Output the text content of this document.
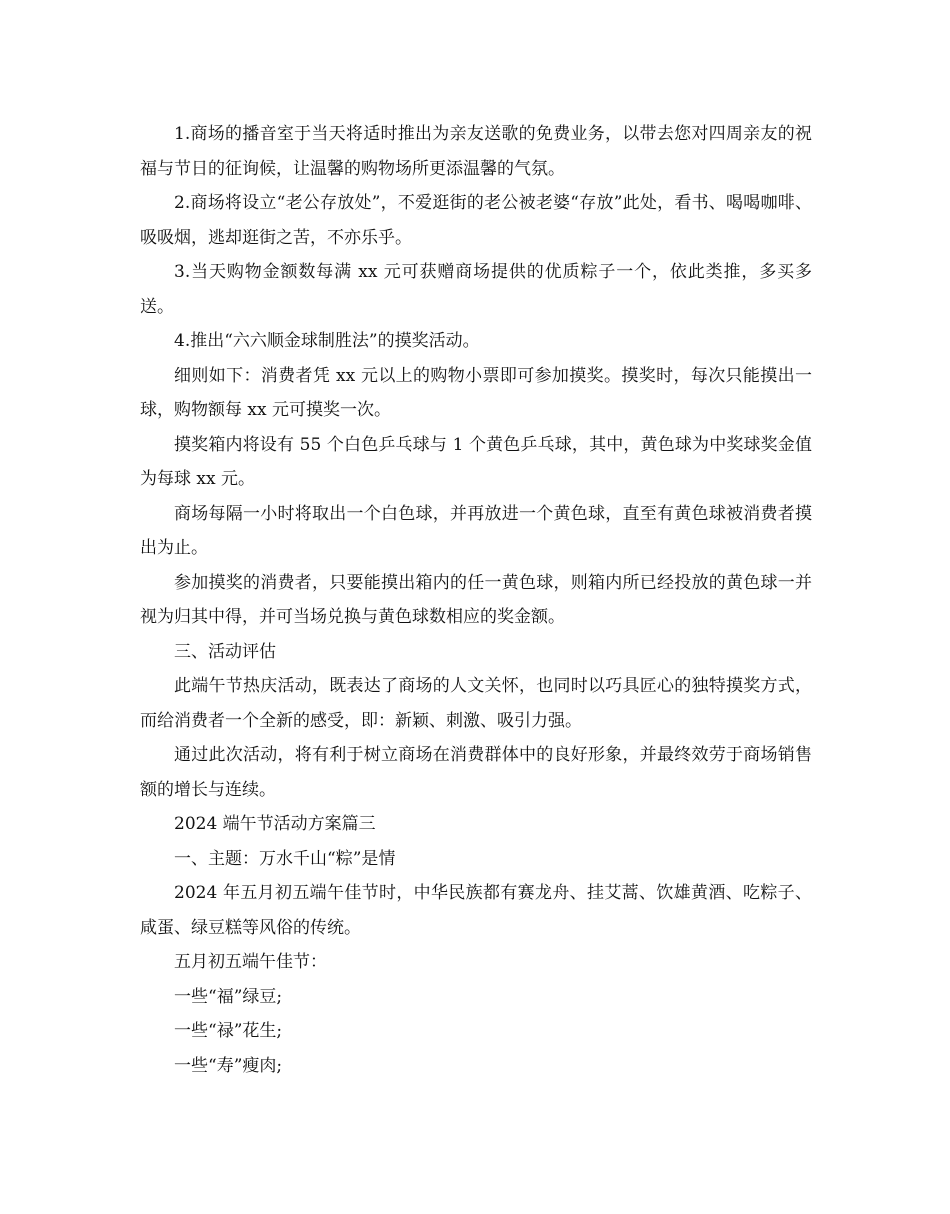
1.商场的播音室于当天将适时推出为亲友送歌的免费业务，以带去您对四周亲友的祝福与节日的征询候，让温馨的购物场所更添温馨的气氛。

2.商场将设立“老公存放处”，不爱逛街的老公被老婆“存放”此处，看书、喝喝咖啡、吸吸烟，逃却逛街之苦，不亦乐乎。

3.当天购物金额数每满 xx 元可获赠商场提供的优质粽子一个，依此类推，多买多送。

4.推出“六六顺金球制胜法”的摸奖活动。

细则如下：消费者凭 xx 元以上的购物小票即可参加摸奖。摸奖时，每次只能摸出一球，购物额每 xx 元可摸奖一次。

摸奖箱内将设有 55 个白色乒乓球与 1 个黄色乒乓球，其中，黄色球为中奖球奖金值为每球 xx 元。

商场每隔一小时将取出一个白色球，并再放进一个黄色球，直至有黄色球被消费者摸出为止。

参加摸奖的消费者，只要能摸出箱内的任一黄色球，则箱内所已经投放的黄色球一并视为归其中得，并可当场兑换与黄色球数相应的奖金额。

三、活动评估

此端午节热庆活动，既表达了商场的人文关怀，也同时以巧具匠心的独特摸奖方式，而给消费者一个全新的感受，即：新颖、刺激、吸引力强。

通过此次活动，将有利于树立商场在消费群体中的良好形象，并最终效劳于商场销售额的增长与连续。

2024 端午节活动方案篇三

一、主题：万水千山“粽”是情

2024 年五月初五端午佳节时，中华民族都有赛龙舟、挂艾蒿、饮雄黄酒、吃粽子、咸蛋、绿豆糕等风俗的传统。

五月初五端午佳节：

一些“福”绿豆;

一些“禄”花生;

一些“寿”瘦肉;
